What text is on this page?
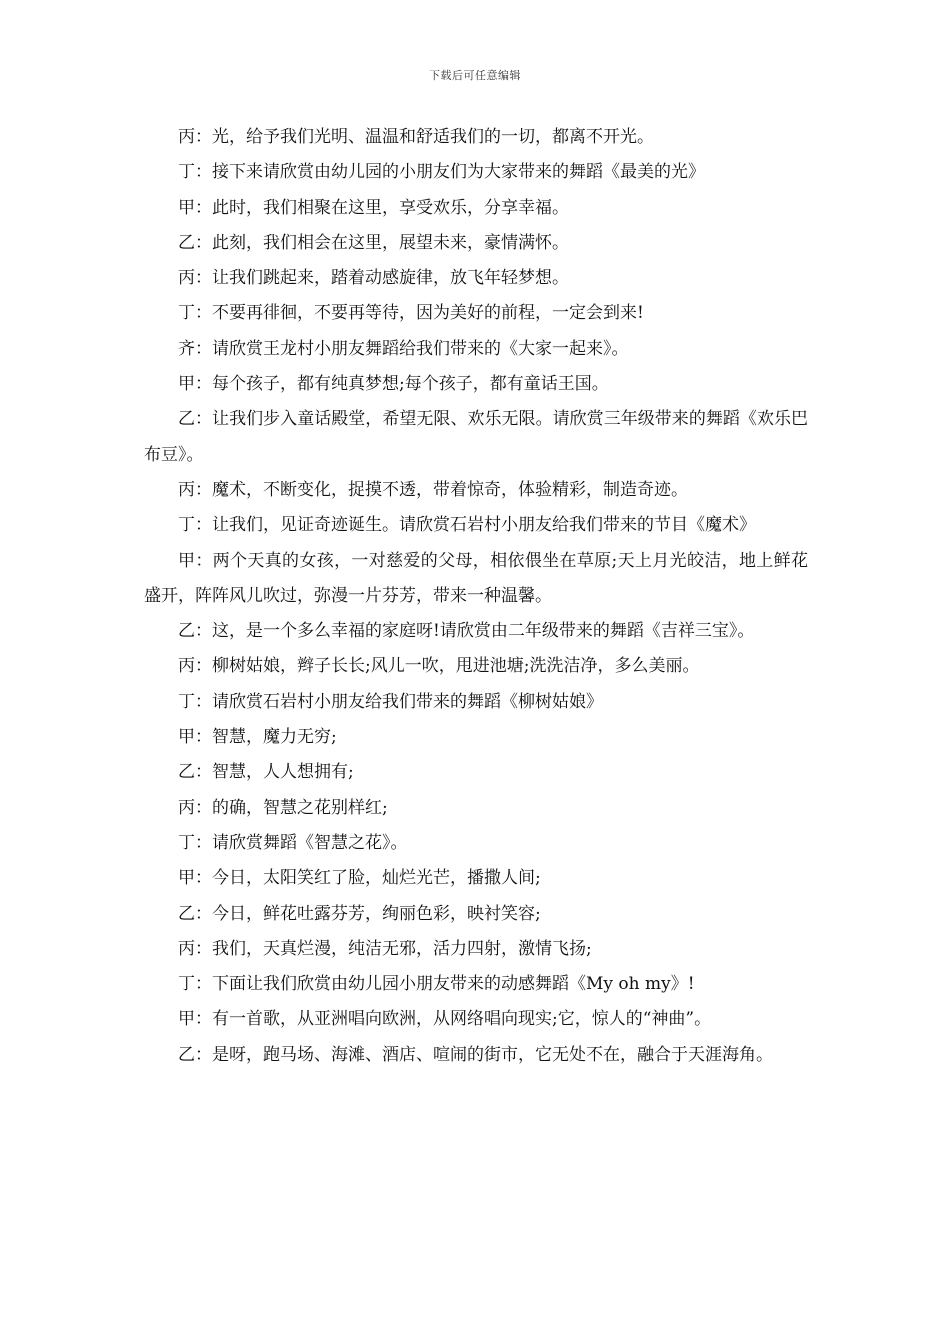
下载后可任意编辑

丙：光，给予我们光明、温温和舒适我们的一切，都离不开光。

丁：接下来请欣赏由幼儿园的小朋友们为大家带来的舞蹈《最美的光》

甲：此时，我们相聚在这里，享受欢乐，分享幸福。

乙：此刻，我们相会在这里，展望未来，豪情满怀。

丙：让我们跳起来，踏着动感旋律，放飞年轻梦想。

丁：不要再徘徊，不要再等待，因为美好的前程，一定会到来!

齐：请欣赏王龙村小朋友舞蹈给我们带来的《大家一起来》。

甲：每个孩子，都有纯真梦想;每个孩子，都有童话王国。

乙：让我们步入童话殿堂，希望无限、欢乐无限。请欣赏三年级带来的舞蹈《欢乐巴布豆》。

丙：魔术，不断变化，捉摸不透，带着惊奇，体验精彩，制造奇迹。

丁：让我们，见证奇迹诞生。请欣赏石岩村小朋友给我们带来的节目《魔术》

甲：两个天真的女孩，一对慈爱的父母，相依偎坐在草原;天上月光皎洁，地上鲜花盛开，阵阵风儿吹过，弥漫一片芬芳，带来一种温馨。

乙：这，是一个多么幸福的家庭呀!请欣赏由二年级带来的舞蹈《吉祥三宝》。

丙：柳树姑娘，辫子长长;风儿一吹，甩进池塘;洗洗洁净，多么美丽。

丁：请欣赏石岩村小朋友给我们带来的舞蹈《柳树姑娘》

甲：智慧，魔力无穷;

乙：智慧，人人想拥有;

丙：的确，智慧之花别样红;

丁：请欣赏舞蹈《智慧之花》。

甲：今日，太阳笑红了脸，灿烂光芒，播撒人间;

乙：今日，鲜花吐露芬芳，绚丽色彩，映衬笑容;

丙：我们，天真烂漫，纯洁无邪，活力四射，激情飞扬;

丁：下面让我们欣赏由幼儿园小朋友带来的动感舞蹈《My oh my》!

甲：有一首歌，从亚洲唱向欧洲，从网络唱向现实;它，惊人的“神曲”。

乙：是呀，跑马场、海滩、酒店、喧闹的街市，它无处不在，融合于天涯海角。
